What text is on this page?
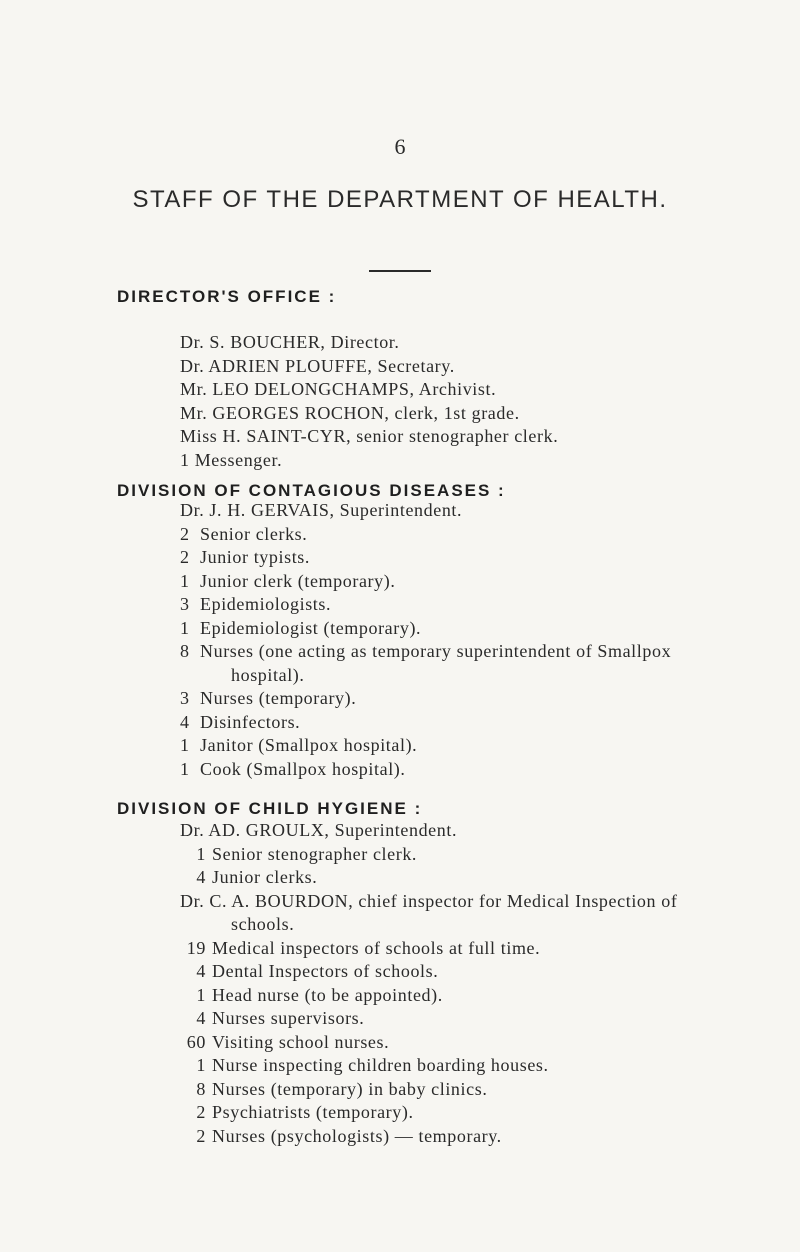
6
STAFF OF THE DEPARTMENT OF HEALTH.
DIRECTOR'S OFFICE :
Dr. S. BOUCHER, Director.
Dr. ADRIEN PLOUFFE, Secretary.
Mr. LEO DELONGCHAMPS, Archivist.
Mr. GEORGES ROCHON, clerk, 1st grade.
Miss H. SAINT-CYR, senior stenographer clerk.
1 Messenger.
DIVISION OF CONTAGIOUS DISEASES :
Dr. J. H. GERVAIS, Superintendent.
2 Senior clerks.
2 Junior typists.
1 Junior clerk (temporary).
3 Epidemiologists.
1 Epidemiologist (temporary).
8 Nurses (one acting as temporary superintendent of Smallpox
hospital).
3 Nurses (temporary).
4 Disinfectors.
1 Janitor (Smallpox hospital).
1 Cook (Smallpox hospital).
DIVISION OF CHILD HYGIENE :
Dr. AD. GROULX, Superintendent.
1 Senior stenographer clerk.
4 Junior clerks.
Dr. C. A. BOURDON, chief inspector for Medical Inspection of
schools.
19 Medical inspectors of schools at full time.
4 Dental Inspectors of schools.
1 Head nurse (to be appointed).
4 Nurses supervisors.
60 Visiting school nurses.
1 Nurse inspecting children boarding houses.
8 Nurses (temporary) in baby clinics.
2 Psychiatrists (temporary).
2 Nurses (psychologists) — temporary.
